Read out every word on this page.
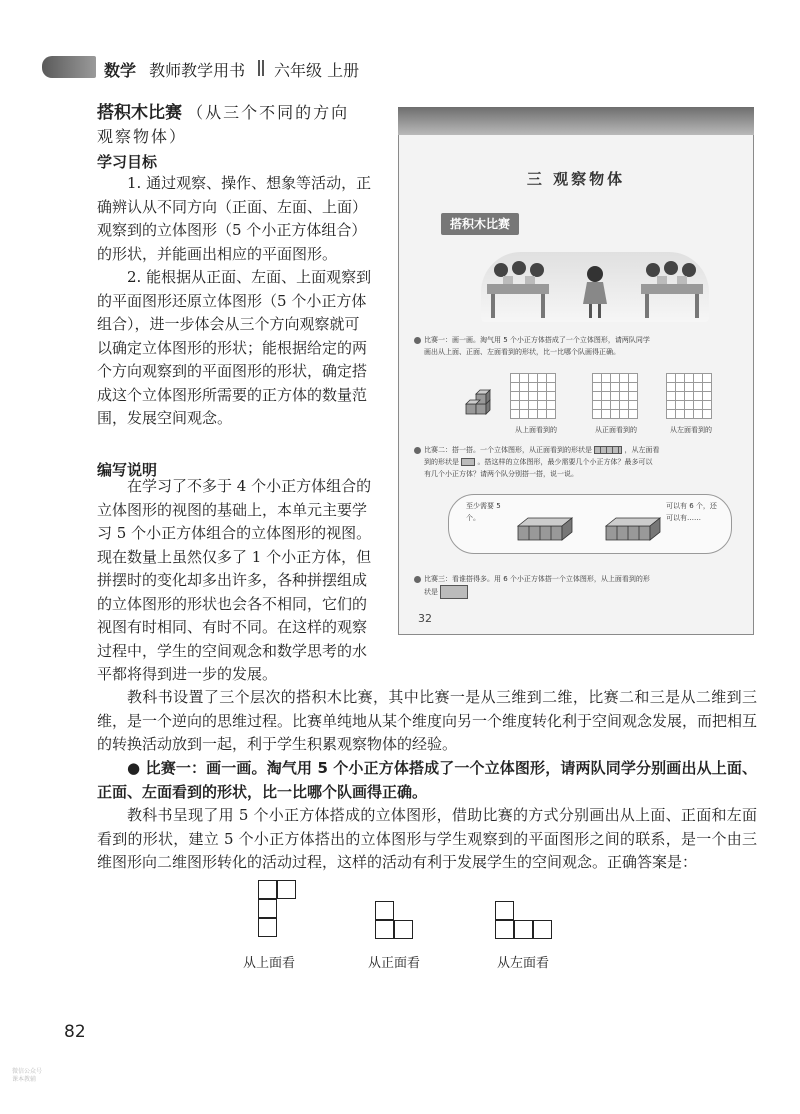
数学 教师教学用书 六年级 上册
搭积木比赛 （从三个不同的方向
观察物体）
学习目标
1. 通过观察、操作、想象等活动，正
确辨认从不同方向（正面、左面、上面）
观察到的立体图形（5 个小正方体组合）
的形状，并能画出相应的平面图形。
2. 能根据从正面、左面、上面观察到
的平面图形还原立体图形（5 个小正方体
组合），进一步体会从三个方向观察就可
以确定立体图形的形状；能根据给定的两
个方向观察到的平面图形的形状，确定搭
成这个立体图形所需要的正方体的数量范
围，发展空间观念。
编写说明
在学习了不多于 4 个小正方体组合的
立体图形的视图的基础上，本单元主要学
习 5 个小正方体组合的立体图形的视图。
现在数量上虽然仅多了 1 个小正方体，但
拼摆时的变化却多出许多，各种拼摆组成
的立体图形的形状也会各不相同，它们的
视图有时相同、有时不同。在这样的观察
过程中，学生的空间观念和数学思考的水
平都将得到进一步的发展。
教科书设置了三个层次的搭积木比赛，其中比赛一是从三维到二维，比赛二和三是从二维到三维，是一个逆向的思维过程。比赛单纯地从某个维度向另一个维度转化利于空间观念发展，而把相互的转换活动放到一起，利于学生积累观察物体的经验。
● 比赛一：画一画。淘气用 5 个小正方体搭成了一个立体图形，请两队同学分别画出从上面、正面、左面看到的形状，比一比哪个队画得正确。
教科书呈现了用 5 个小正方体搭成的立体图形，借助比赛的方式分别画出从上面、正面和左面看到的形状，建立 5 个小正方体搭出的立体图形与学生观察到的平面图形之间的联系，是一个由三维图形向二维图形转化的活动过程，这样的活动有利于发展学生的空间观念。正确答案是：
三 观察物体
搭积木比赛
比赛一：画一画。淘气用 5 个小正方体搭成了一个立体图形，请两队同学
画出从上面、正面、左面看到的形状，比一比哪个队画得正确。
从上面看到的	从正面看到的	从左面看到的
比赛二：搭一搭。一个立体图形，从正面看到的形状是	，从左面看
到的形状是	。搭这样的立体图形，最少需要几个小正方体？最多可以
有几个小正方体？请两个队分别搭一搭，说一说。
至少需要 5个。
可以有 6 个，还可以有……
比赛三：看谁搭得多。用 6 个小正方体搭一个立体图形，从上面看到的形
状是
32
从上面看	从正面看	从左面看
82
微信公众号
课本教辅
